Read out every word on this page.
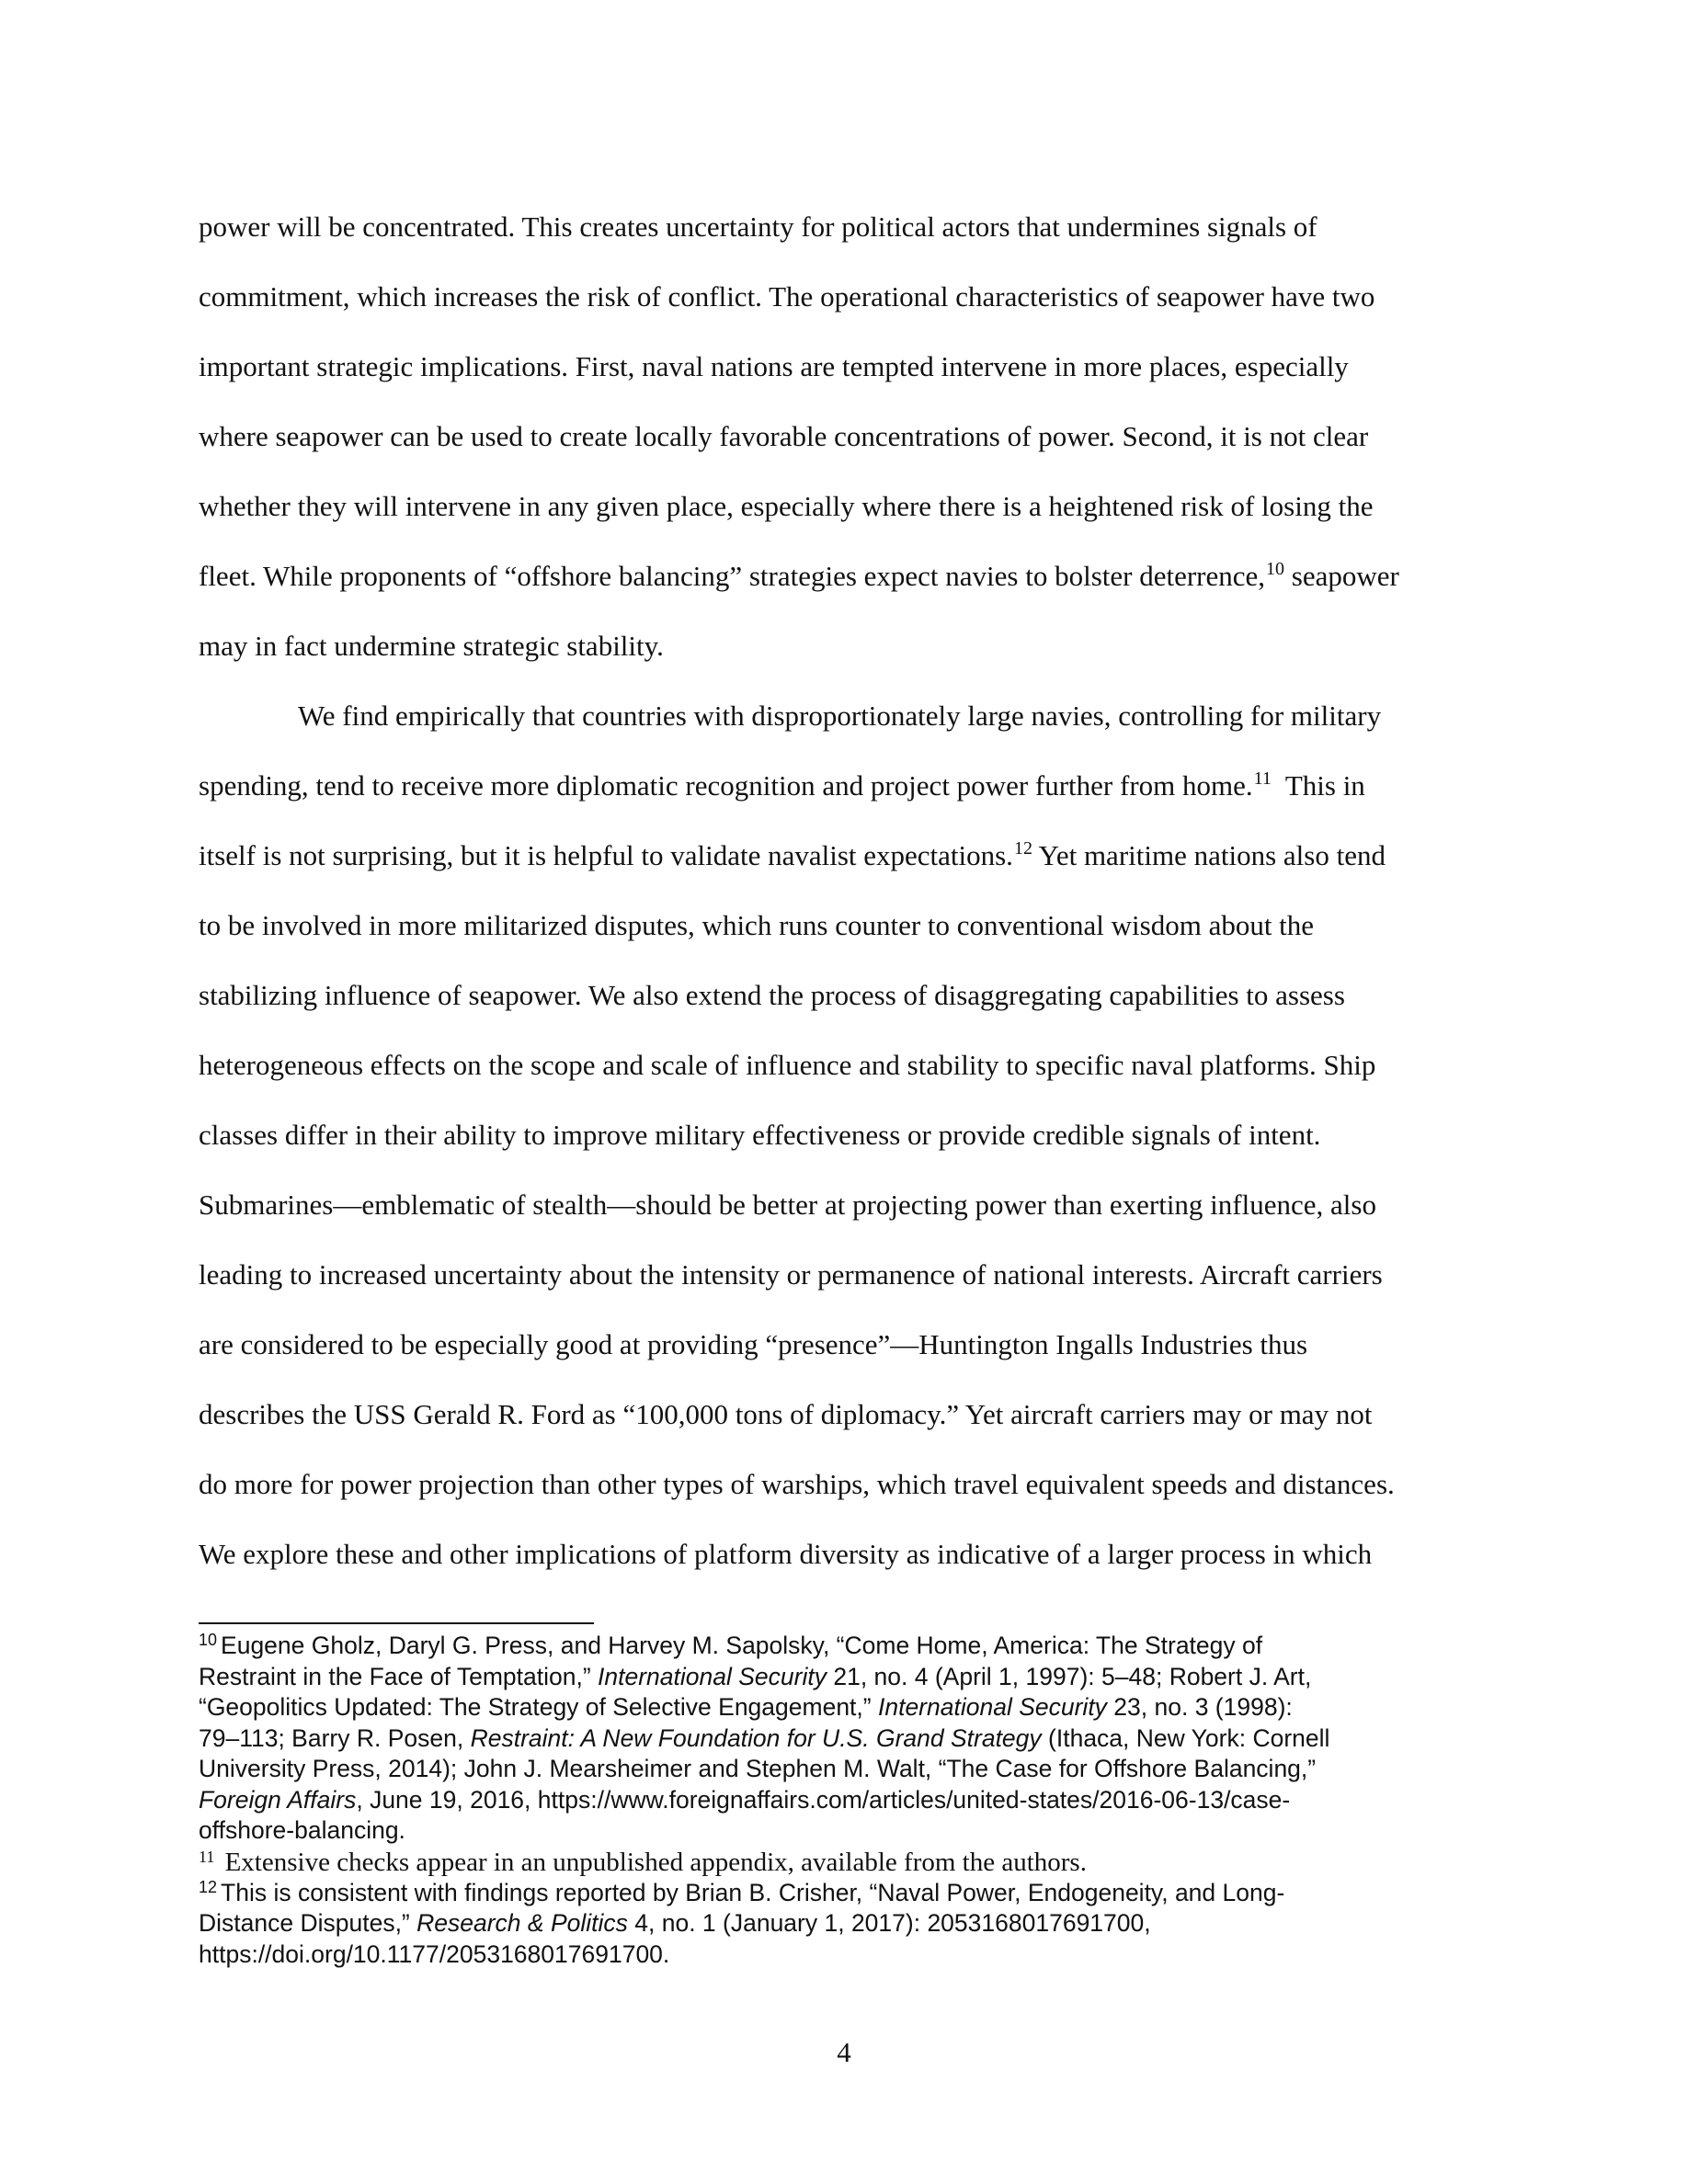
power will be concentrated. This creates uncertainty for political actors that undermines signals of
commitment, which increases the risk of conflict. The operational characteristics of seapower have two
important strategic implications. First, naval nations are tempted intervene in more places, especially
where seapower can be used to create locally favorable concentrations of power. Second, it is not clear
whether they will intervene in any given place, especially where there is a heightened risk of losing the
fleet. While proponents of “offshore balancing” strategies expect navies to bolster deterrence,$^{10}$ seapower
may in fact undermine strategic stability.

We find empirically that countries with disproportionately large navies, controlling for military
spending, tend to receive more diplomatic recognition and project power further from home.$^{11}$  This in
itself is not surprising, but it is helpful to validate navalist expectations.$^{12}$ Yet maritime nations also tend
to be involved in more militarized disputes, which runs counter to conventional wisdom about the
stabilizing influence of seapower. We also extend the process of disaggregating capabilities to assess
heterogeneous effects on the scope and scale of influence and stability to specific naval platforms. Ship
classes differ in their ability to improve military effectiveness or provide credible signals of intent.
Submarines—emblematic of stealth—should be better at projecting power than exerting influence, also
leading to increased uncertainty about the intensity or permanence of national interests. Aircraft carriers
are considered to be especially good at providing “presence”—Huntington Ingalls Industries thus
describes the USS Gerald R. Ford as “100,000 tons of diplomacy.” Yet aircraft carriers may or may not
do more for power projection than other types of warships, which travel equivalent speeds and distances.
We explore these and other implications of platform diversity as indicative of a larger process in which

$^{10}$ Eugene Gholz, Daryl G. Press, and Harvey M. Sapolsky, “Come Home, America: The Strategy of
Restraint in the Face of Temptation,” International Security 21, no. 4 (April 1, 1997): 5–48; Robert J. Art,
“Geopolitics Updated: The Strategy of Selective Engagement,” International Security 23, no. 3 (1998):
79–113; Barry R. Posen, Restraint: A New Foundation for U.S. Grand Strategy (Ithaca, New York: Cornell
University Press, 2014); John J. Mearsheimer and Stephen M. Walt, “The Case for Offshore Balancing,”
Foreign Affairs, June 19, 2016, https://www.foreignaffairs.com/articles/united-states/2016-06-13/case-
offshore-balancing.
$^{11}$ Extensive checks appear in an unpublished appendix, available from the authors.
$^{12}$ This is consistent with findings reported by Brian B. Crisher, “Naval Power, Endogeneity, and Long-
Distance Disputes,” Research & Politics 4, no. 1 (January 1, 2017): 2053168017691700,
https://doi.org/10.1177/2053168017691700.
4
